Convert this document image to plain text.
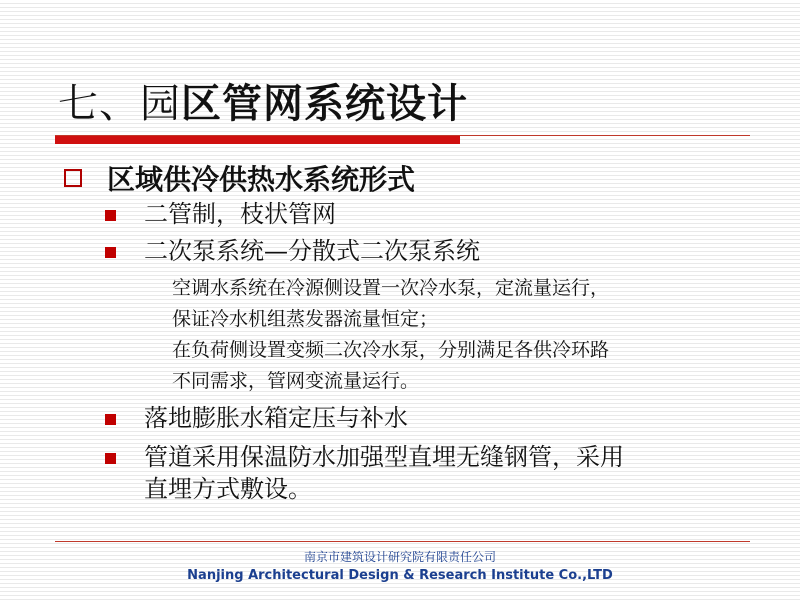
七、园区管网系统设计
区域供冷供热水系统形式
二管制，枝状管网
二次泵系统—分散式二次泵系统
空调水系统在冷源侧设置一次冷水泵，定流量运行，
保证冷水机组蒸发器流量恒定；
在负荷侧设置变频二次冷水泵，分别满足各供冷环路
不同需求，管网变流量运行。
落地膨胀水箱定压与补水
管道采用保温防水加强型直埋无缝钢管，采用
直埋方式敷设。
南京市建筑设计研究院有限责任公司
Nanjing Architectural Design & Research Institute Co.,LTD
